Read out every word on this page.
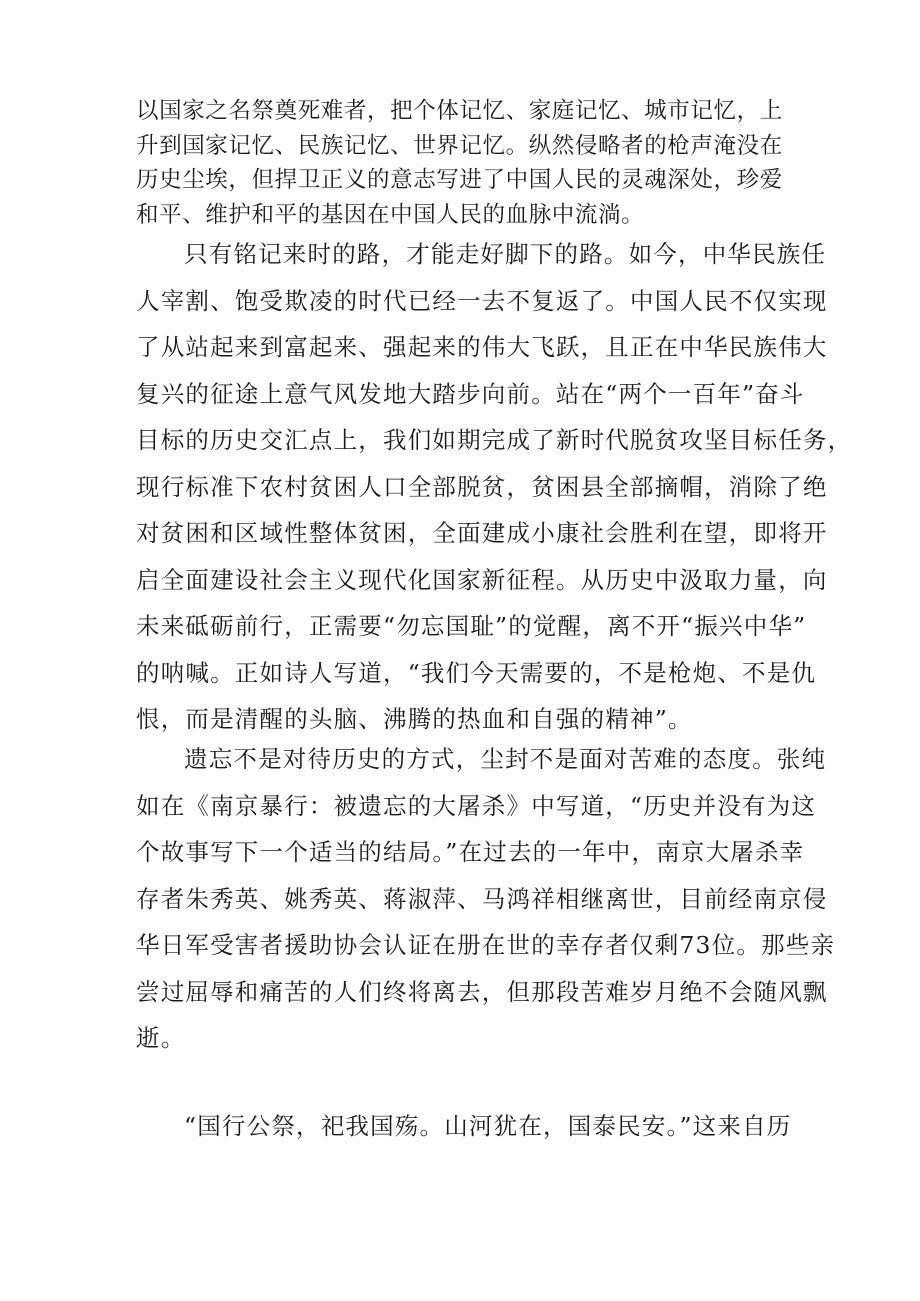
以国家之名祭奠死难者，把个体记忆、家庭记忆、城市记忆，上
升到国家记忆、民族记忆、世界记忆。纵然侵略者的枪声淹没在
历史尘埃，但捍卫正义的意志写进了中国人民的灵魂深处，珍爱
和平、维护和平的基因在中国人民的血脉中流淌。

只有铭记来时的路，才能走好脚下的路。如今，中华民族任
人宰割、饱受欺凌的时代已经一去不复返了。中国人民不仅实现
了从站起来到富起来、强起来的伟大飞跃，且正在中华民族伟大
复兴的征途上意气风发地大踏步向前。站在“两个一百年”奋斗
目标的历史交汇点上，我们如期完成了新时代脱贫攻坚目标任务，
现行标准下农村贫困人口全部脱贫，贫困县全部摘帽，消除了绝
对贫困和区域性整体贫困，全面建成小康社会胜利在望，即将开
启全面建设社会主义现代化国家新征程。从历史中汲取力量，向
未来砥砺前行，正需要“勿忘国耻”的觉醒，离不开“振兴中华”
的呐喊。正如诗人写道，“我们今天需要的，不是枪炮、不是仇
恨，而是清醒的头脑、沸腾的热血和自强的精神”。

遗忘不是对待历史的方式，尘封不是面对苦难的态度。张纯
如在《南京暴行：被遗忘的大屠杀》中写道，“历史并没有为这
个故事写下一个适当的结局。”在过去的一年中，南京大屠杀幸
存者朱秀英、姚秀英、蒋淑萍、马鸿祥相继离世，目前经南京侵
华日军受害者援助协会认证在册在世的幸存者仅剩73位。那些亲
尝过屈辱和痛苦的人们终将离去，但那段苦难岁月绝不会随风飘
逝。

“国行公祭，祀我国殇。山河犹在，国泰民安。”这来自历
